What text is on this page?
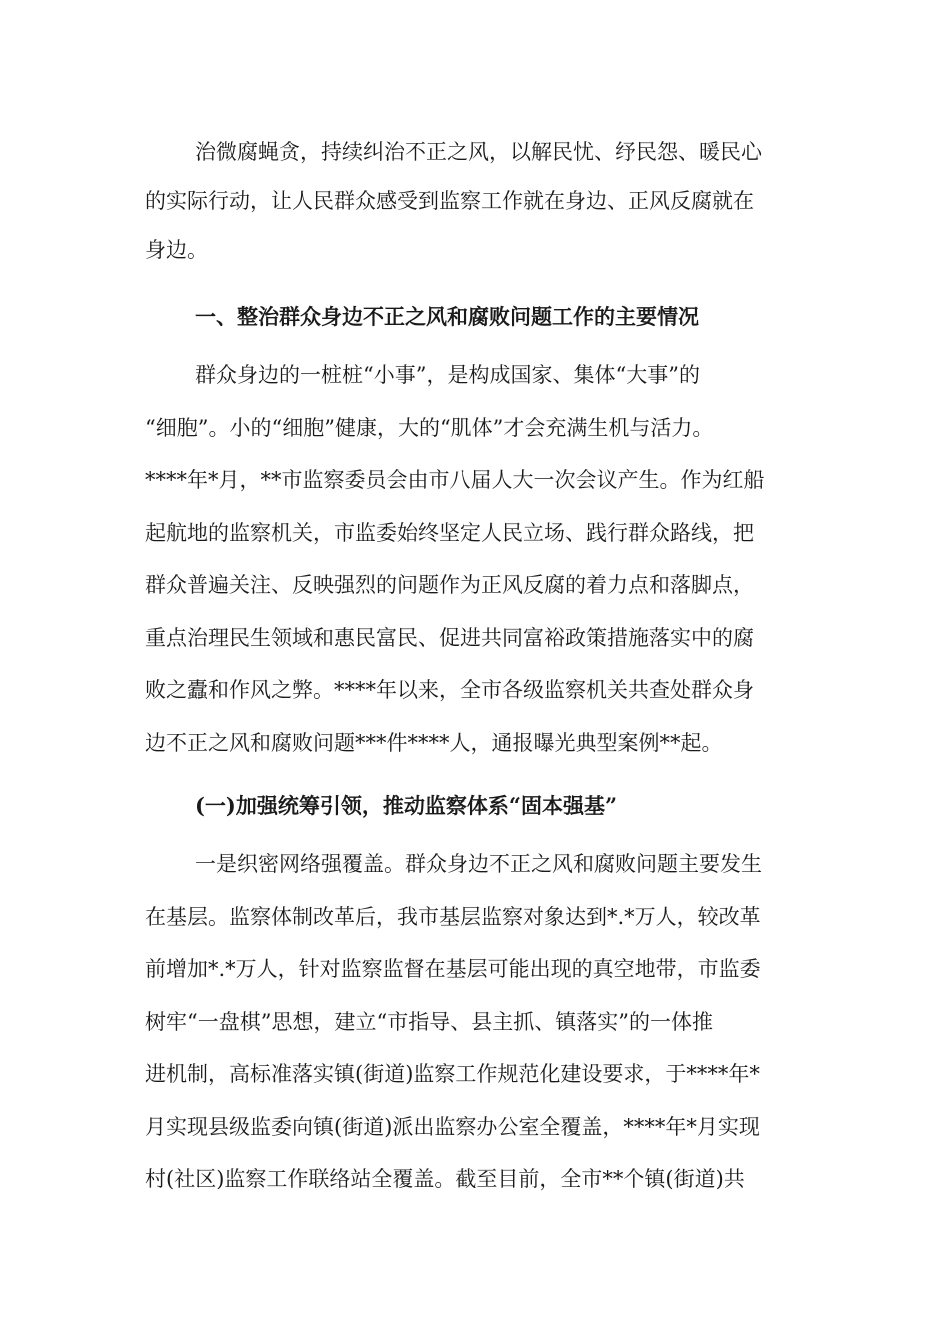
治微腐蝇贪，持续纠治不正之风，以解民忧、纾民怨、暖民心
的实际行动，让人民群众感受到监察工作就在身边、正风反腐就在
身边。
一、整治群众身边不正之风和腐败问题工作的主要情况
群众身边的一桩桩“小事”，是构成国家、集体“大事”的
“细胞”。小的“细胞”健康，大的“肌体”才会充满生机与活力。
****年*月，**市监察委员会由市八届人大一次会议产生。作为红船
起航地的监察机关，市监委始终坚定人民立场、践行群众路线，把
群众普遍关注、反映强烈的问题作为正风反腐的着力点和落脚点，
重点治理民生领域和惠民富民、促进共同富裕政策措施落实中的腐
败之蠹和作风之弊。****年以来，全市各级监察机关共查处群众身
边不正之风和腐败问题***件****人，通报曝光典型案例**起。
(一)加强统筹引领，推动监察体系“固本强基”
一是织密网络强覆盖。群众身边不正之风和腐败问题主要发生
在基层。监察体制改革后，我市基层监察对象达到*.*万人，较改革
前增加*.*万人，针对监察监督在基层可能出现的真空地带，市监委
树牢“一盘棋”思想，建立“市指导、县主抓、镇落实”的一体推
进机制，高标准落实镇(街道)监察工作规范化建设要求，于****年*
月实现县级监委向镇(街道)派出监察办公室全覆盖，****年*月实现
村(社区)监察工作联络站全覆盖。截至目前，全市**个镇(街道)共
